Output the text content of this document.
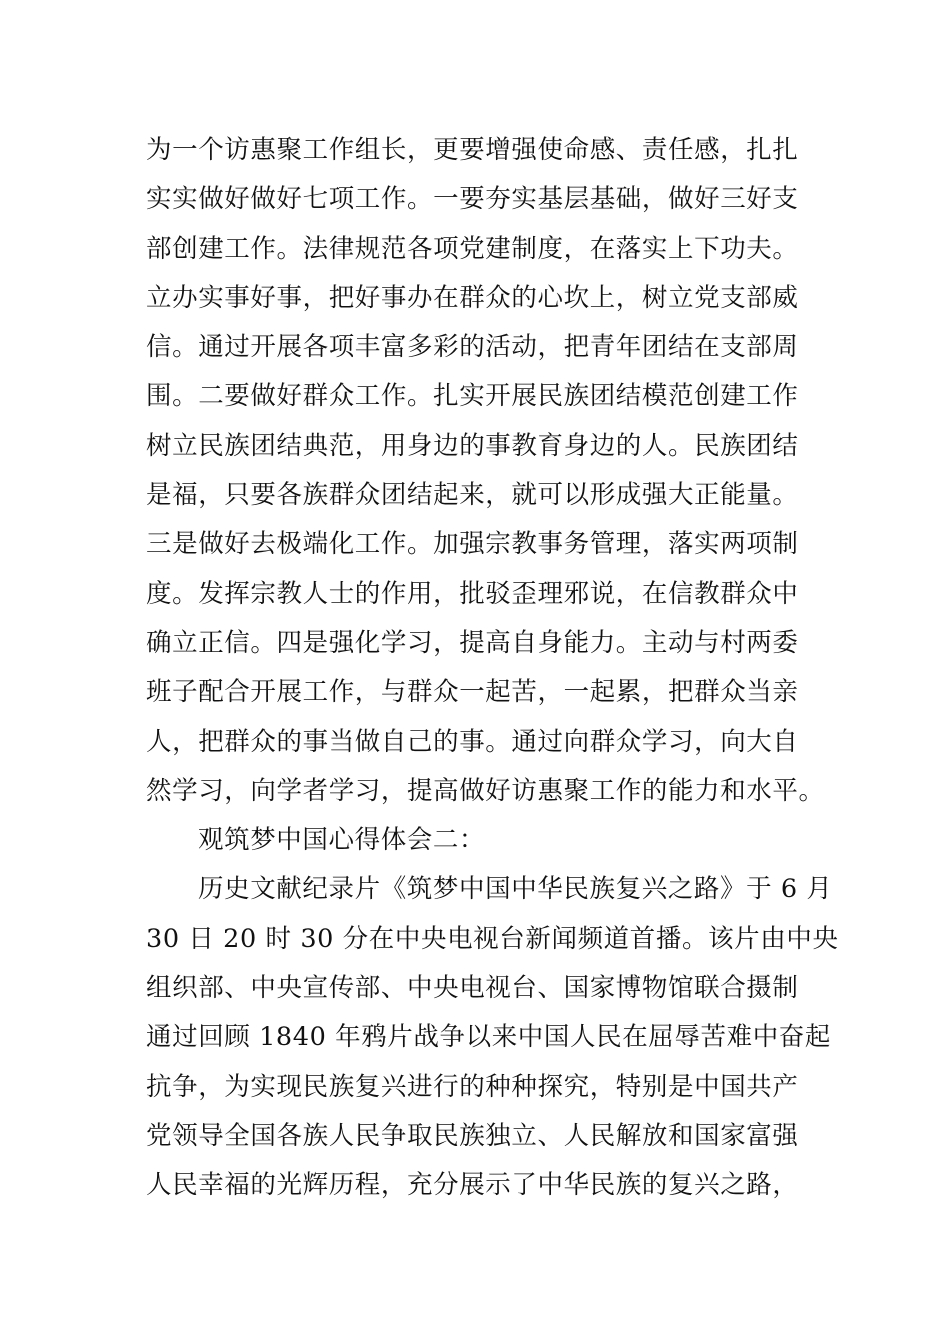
为一个访惠聚工作组长，更要增强使命感、责任感，扎扎
实实做好做好七项工作。一要夯实基层基础，做好三好支
部创建工作。法律规范各项党建制度，在落实上下功夫。
立办实事好事，把好事办在群众的心坎上，树立党支部威
信。通过开展各项丰富多彩的活动，把青年团结在支部周
围。二要做好群众工作。扎实开展民族团结模范创建工作
树立民族团结典范，用身边的事教育身边的人。民族团结
是福，只要各族群众团结起来，就可以形成强大正能量。
三是做好去极端化工作。加强宗教事务管理，落实两项制
度。发挥宗教人士的作用，批驳歪理邪说，在信教群众中
确立正信。四是强化学习，提高自身能力。主动与村两委
班子配合开展工作，与群众一起苦，一起累，把群众当亲
人，把群众的事当做自己的事。通过向群众学习，向大自
然学习，向学者学习，提高做好访惠聚工作的能力和水平。
观筑梦中国心得体会二：
历史文献纪录片《筑梦中国中华民族复兴之路》于 6 月
30 日 20 时 30 分在中央电视台新闻频道首播。该片由中央
组织部、中央宣传部、中央电视台、国家博物馆联合摄制
通过回顾 1840 年鸦片战争以来中国人民在屈辱苦难中奋起
抗争，为实现民族复兴进行的种种探究，特别是中国共产
党领导全国各族人民争取民族独立、人民解放和国家富强
人民幸福的光辉历程，充分展示了中华民族的复兴之路，
